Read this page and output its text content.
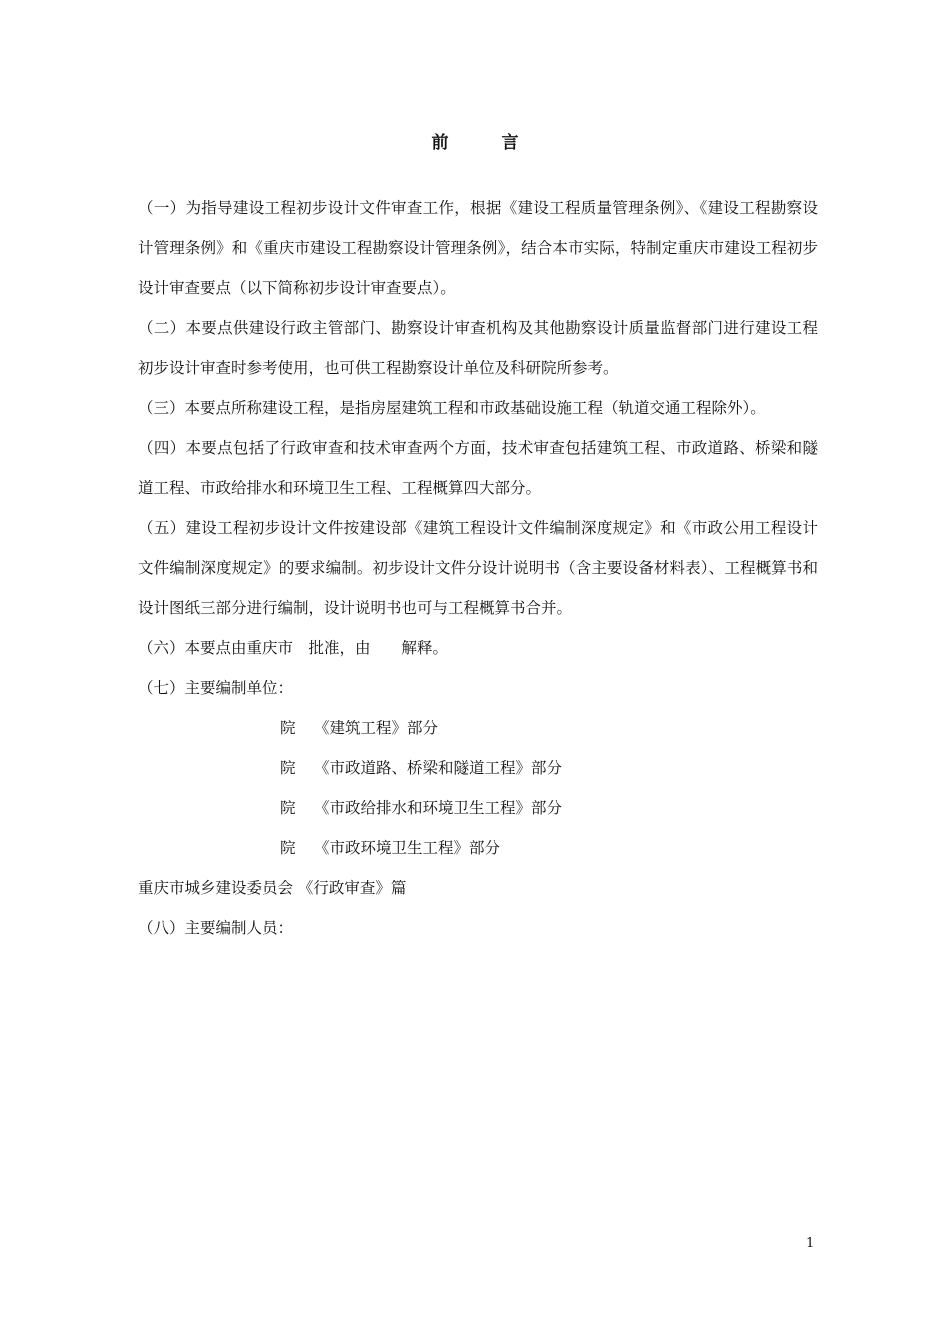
前　言

（一）为指导建设工程初步设计文件审查工作，根据《建设工程质量管理条例》、《建设工程勘察设计管理条例》和《重庆市建设工程勘察设计管理条例》，结合本市实际，特制定重庆市建设工程初步设计审查要点（以下简称初步设计审查要点）。

（二）本要点供建设行政主管部门、勘察设计审查机构及其他勘察设计质量监督部门进行建设工程初步设计审查时参考使用，也可供工程勘察设计单位及科研院所参考。

（三）本要点所称建设工程，是指房屋建筑工程和市政基础设施工程（轨道交通工程除外）。

（四）本要点包括了行政审查和技术审查两个方面，技术审查包括建筑工程、市政道路、桥梁和隧道工程、市政给排水和环境卫生工程、工程概算四大部分。

（五）建设工程初步设计文件按建设部《建筑工程设计文件编制深度规定》和《市政公用工程设计文件编制深度规定》的要求编制。初步设计文件分设计说明书（含主要设备材料表）、工程概算书和设计图纸三部分进行编制，设计说明书也可与工程概算书合并。

（六）本要点由重庆市　批准，由　　解释。

（七）主要编制单位：

院 《建筑工程》部分

院 《市政道路、桥梁和隧道工程》部分

院 《市政给排水和环境卫生工程》部分

院 《市政环境卫生工程》部分

重庆市城乡建设委员会 《行政审查》篇

（八）主要编制人员：

1
